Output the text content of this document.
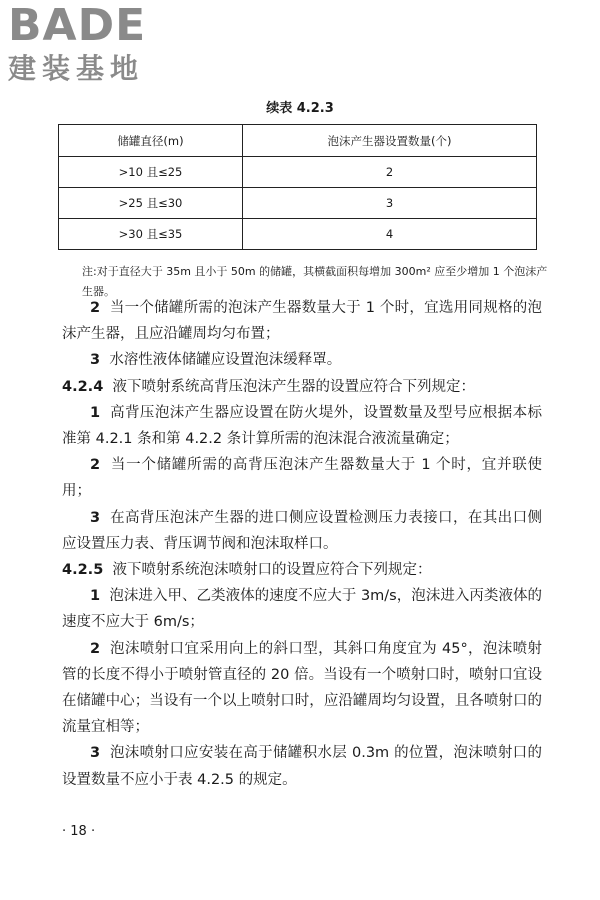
BADE
建装基地
续表 4.2.3
储罐直径(m)	泡沫产生器设置数量(个)
>10 且≤25	2
>25 且≤30	3
>30 且≤35	4
注:对于直径大于 35m 且小于 50m 的储罐，其横截面积每增加 300m² 应至少增加 1 个泡沫产生器。

2 当一个储罐所需的泡沫产生器数量大于 1 个时，宜选用同规格的泡沫产生器，且应沿罐周均匀布置；

3 水溶性液体储罐应设置泡沫缓释罩。

4.2.4 液下喷射系统高背压泡沫产生器的设置应符合下列规定：

1 高背压泡沫产生器应设置在防火堤外，设置数量及型号应根据本标准第 4.2.1 条和第 4.2.2 条计算所需的泡沫混合液流量确定；

2 当一个储罐所需的高背压泡沫产生器数量大于 1 个时，宜并联使用；

3 在高背压泡沫产生器的进口侧应设置检测压力表接口，在其出口侧应设置压力表、背压调节阀和泡沫取样口。

4.2.5 液下喷射系统泡沫喷射口的设置应符合下列规定：

1 泡沫进入甲、乙类液体的速度不应大于 3m/s，泡沫进入丙类液体的速度不应大于 6m/s；

2 泡沫喷射口宜采用向上的斜口型，其斜口角度宜为 45°，泡沫喷射管的长度不得小于喷射管直径的 20 倍。当设有一个喷射口时，喷射口宜设在储罐中心；当设有一个以上喷射口时，应沿罐周均匀设置，且各喷射口的流量宜相等；

3 泡沫喷射口应安装在高于储罐积水层 0.3m 的位置，泡沫喷射口的设置数量不应小于表 4.2.5 的规定。

· 18 ·
